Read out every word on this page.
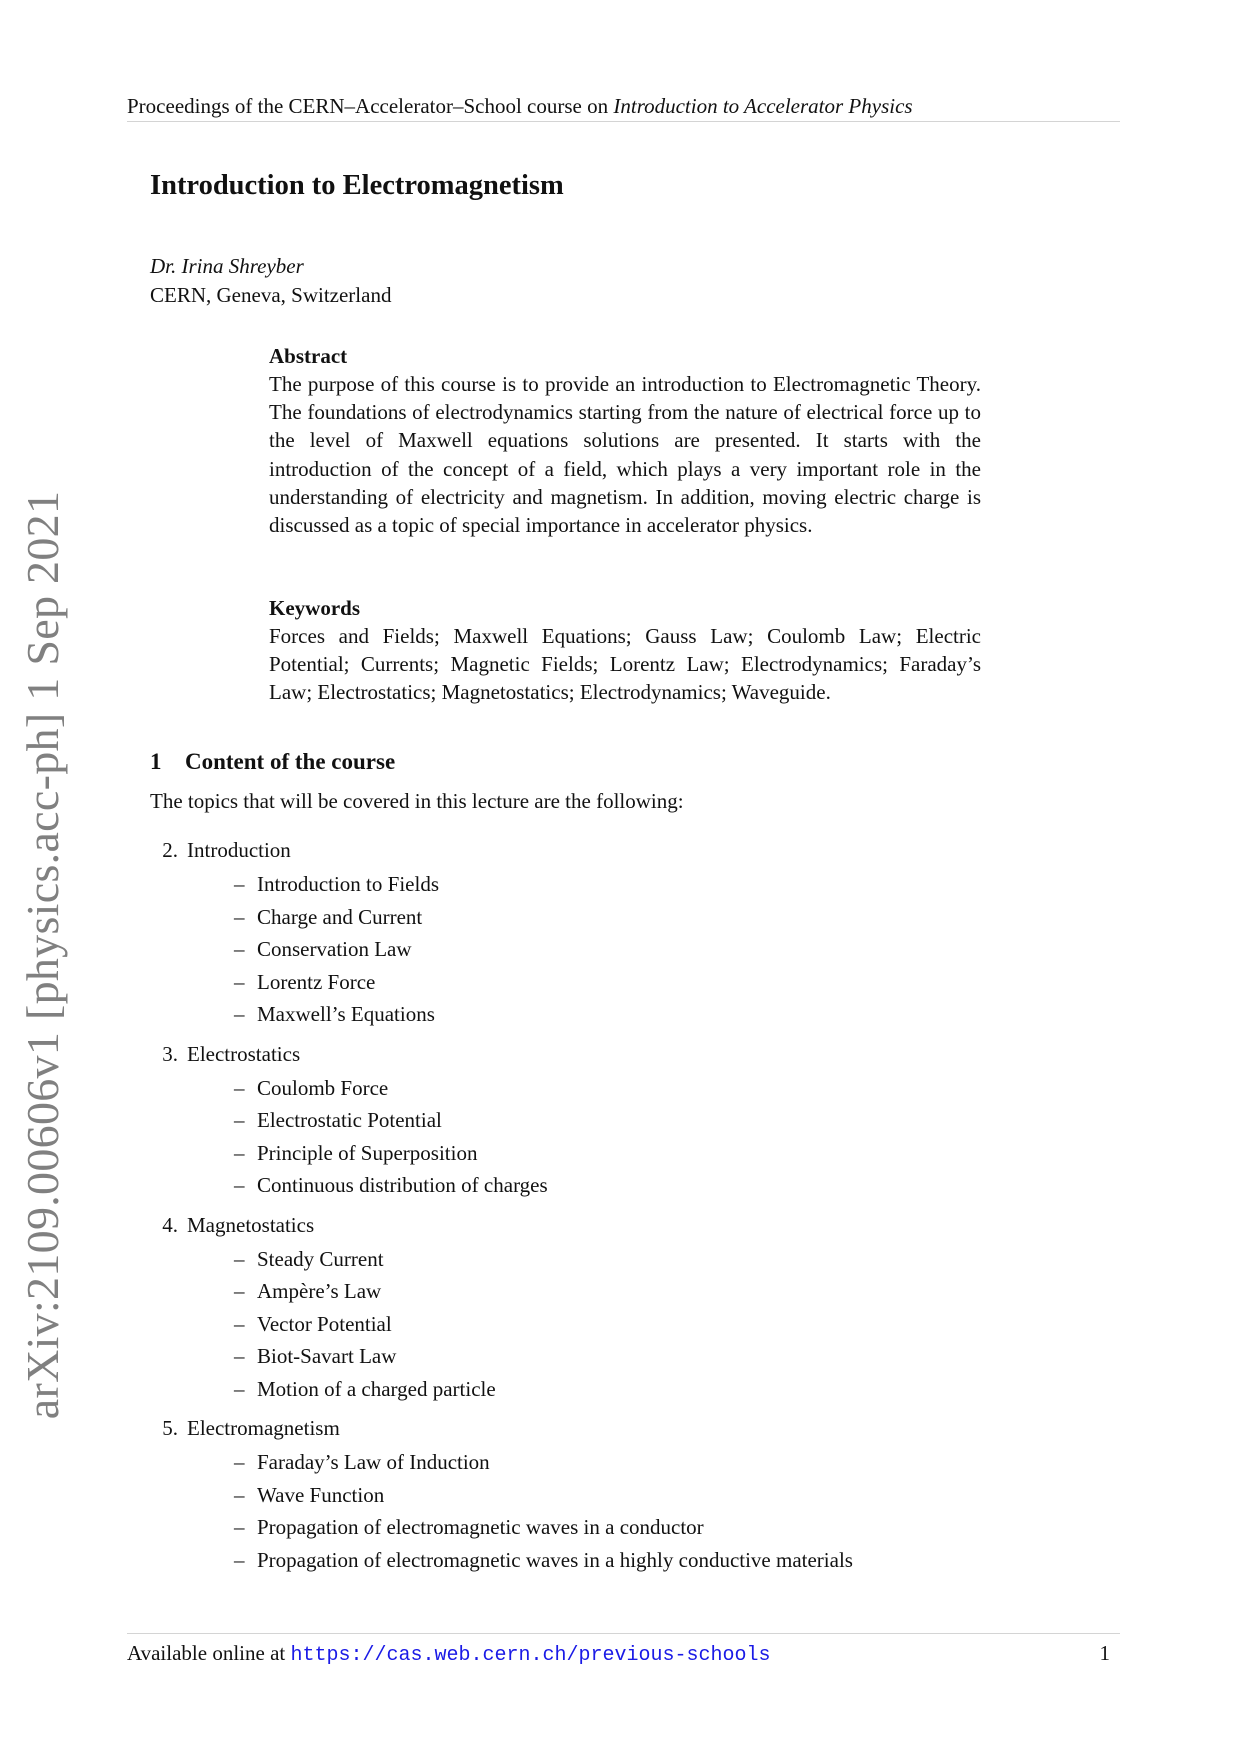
Proceedings of the CERN–Accelerator–School course on Introduction to Accelerator Physics
arXiv:2109.00606v1 [physics.acc-ph] 1 Sep 2021
Introduction to Electromagnetism
Dr. Irina Shreyber
CERN, Geneva, Switzerland
Abstract
The purpose of this course is to provide an introduction to Electromagnetic Theory. The foundations of electrodynamics starting from the nature of electrical force up to the level of Maxwell equations solutions are presented. It starts with the introduction of the concept of a field, which plays a very important role in the understanding of electricity and magnetism. In addition, moving electric charge is discussed as a topic of special importance in accelerator physics.
Keywords
Forces and Fields; Maxwell Equations; Gauss Law; Coulomb Law; Electric Potential; Currents; Magnetic Fields; Lorentz Law; Electrodynamics; Faraday’s Law; Electrostatics; Magnetostatics; Electrodynamics; Waveguide.
1 Content of the course
The topics that will be covered in this lecture are the following:
2. Introduction
– Introduction to Fields
– Charge and Current
– Conservation Law
– Lorentz Force
– Maxwell’s Equations
3. Electrostatics
– Coulomb Force
– Electrostatic Potential
– Principle of Superposition
– Continuous distribution of charges
4. Magnetostatics
– Steady Current
– Ampère’s Law
– Vector Potential
– Biot-Savart Law
– Motion of a charged particle
5. Electromagnetism
– Faraday’s Law of Induction
– Wave Function
– Propagation of electromagnetic waves in a conductor
– Propagation of electromagnetic waves in a highly conductive materials
Available online at https://cas.web.cern.ch/previous-schools	1
